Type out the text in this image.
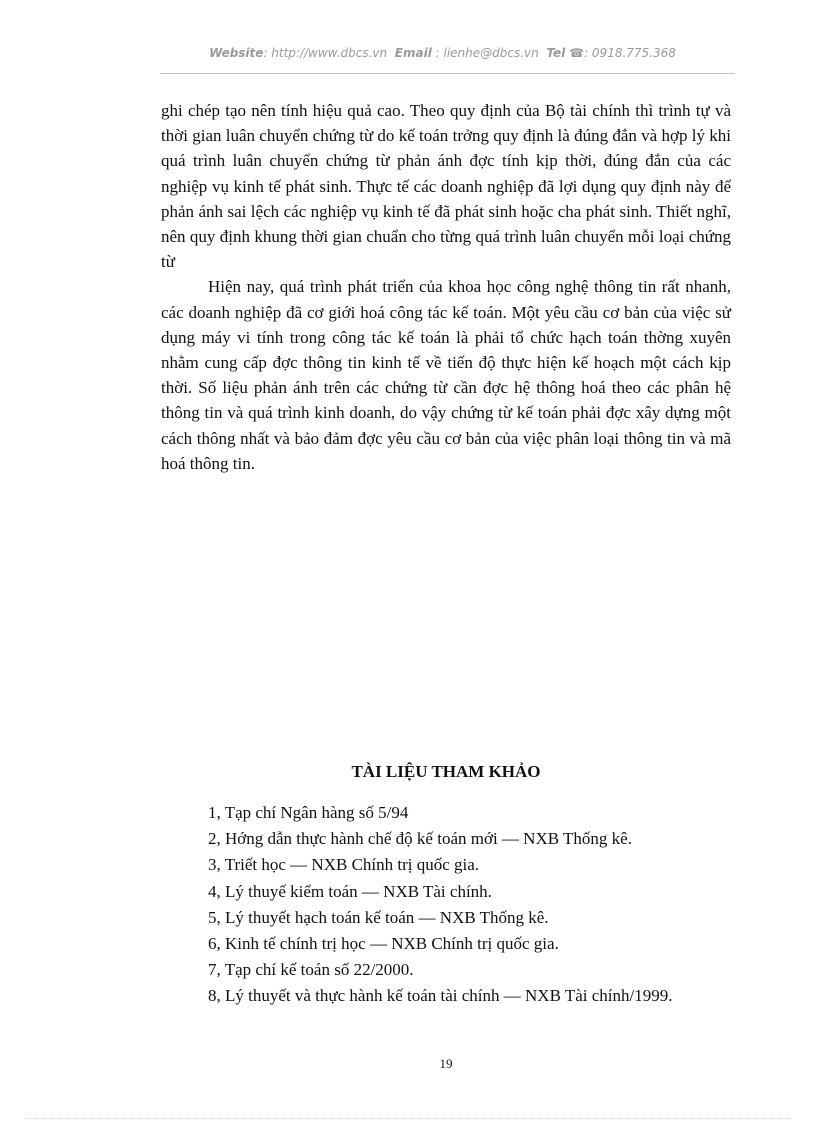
Website: http://www.dbcs.vn Email : lienhe@dbcs.vn Tel ☎: 0918.775.368

ghi chép tạo nên tính hiệu quả cao. Theo quy định của Bộ tài chính thì trình tự và thời gian luân chuyển chứng từ do kế toán trởng quy định là đúng đắn và hợp lý khi quá trình luân chuyển chứng từ phản ánh đợc tính kịp thời, đúng đắn của các nghiệp vụ kinh tế phát sinh. Thực tế các doanh nghiệp đã lợi dụng quy định này để phản ánh sai lệch các nghiệp vụ kinh tế đã phát sinh hoặc cha phát sinh. Thiết nghĩ, nên quy định khung thời gian chuẩn cho từng quá trình luân chuyển mỗi loại chứng từ

Hiện nay, quá trình phát triển của khoa học công nghệ thông tin rất nhanh, các doanh nghiệp đã cơ giới hoá công tác kế toán. Một yêu cầu cơ bản của việc sử dụng máy vi tính trong công tác kế toán là phải tổ chức hạch toán thờng xuyên nhằm cung cấp đợc thông tin kinh tế về tiến độ thực hiện kế hoạch một cách kịp thời. Số liệu phản ánh trên các chứng từ cần đợc hệ thông hoá theo các phân hệ thông tin và quá trình kinh doanh, do vậy chứng từ kế toán phải đợc xây dựng một cách thông nhất và bảo đảm đợc yêu cầu cơ bản của việc phân loại thông tin và mã hoá thông tin.

TÀI LIỆU THAM KHẢO

1, Tạp chí Ngân hàng số 5/94

2, Hớng dẫn thực hành chế độ kế toán mới — NXB Thống kê.

3, Triết học — NXB Chính trị quốc gia.

4, Lý thuyế kiểm toán — NXB Tài chính.

5, Lý thuyết hạch toán kế toán — NXB Thống kê.

6, Kinh tế chính trị học — NXB Chính trị quốc gia.

7, Tạp chí kế toán số 22/2000.

8, Lý thuyết và thực hành kế toán tài chính — NXB Tài chính/1999.

19
